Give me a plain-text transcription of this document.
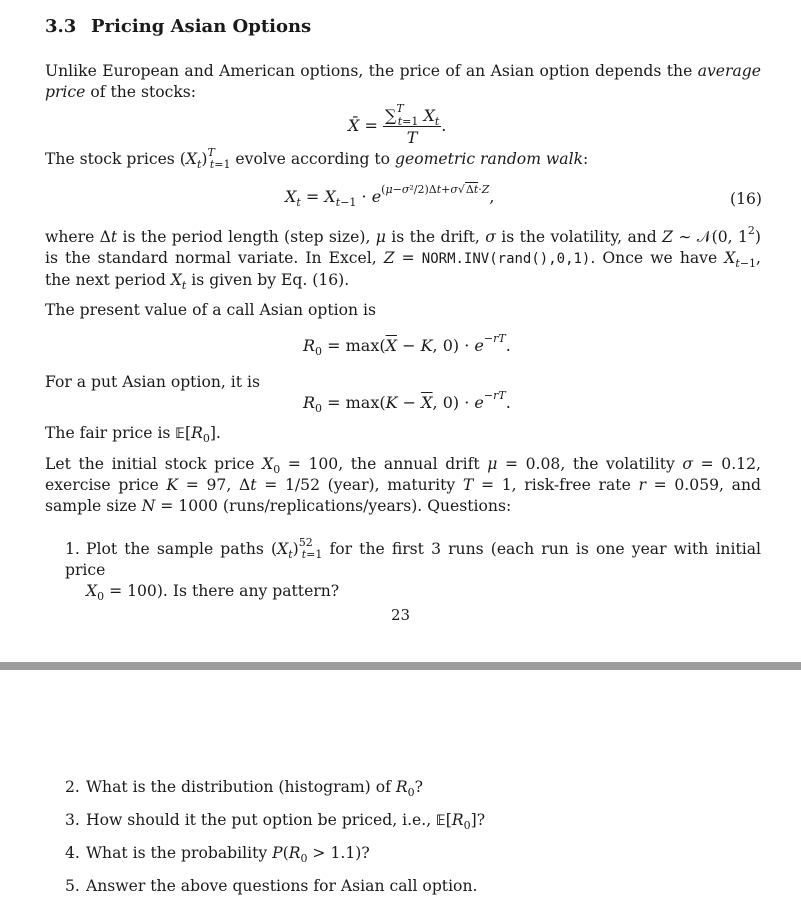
3.3 Pricing Asian Options
Unlike European and American options, the price of an Asian option depends the average price of the stocks:
X̄ = $\frac{\sum^T_{t=1} X_t}{T}$ .
The stock prices $(X_t)^T_{t=1}$ evolve according to geometric random walk:
$X_t = X_{t-1} \cdot e^{(\mu-\sigma^2/2)\Delta t+\sigma√\Delta t\cdot Z}$,	(16)
where Δt is the period length (step size), μ is the drift, σ is the volatility, and Z ∼ 𝒩(0, $1^2$) is the standard normal variate. In Excel, Z = NORM.INV(rand(),0,1). Once we have $X_{t-1}$, the next period $X_t$ is given by Eq. (16).
The present value of a call Asian option is
$R_0 = \max(\overline{X} - K$, $0) \cdot e^{-rT}$.
For a put Asian option, it is
$R_0 = \max(K - \overline{X}$, $0) \cdot e^{-rT}$.
The fair price is $𝔼[R_0]$.
Let the initial stock price $X_0 = 100$, the annual drift μ = 0.08, the volatility σ = 0.12, exercise price K = 97, Δt = 1/52 (year), maturity T = 1, risk-free rate r = 0.059, and sample size N = 1000 (runs/replications/years). Questions:
1. Plot the sample paths $(X_t)^{52}_{t=1}$ for the first 3 runs (each run is one year with initial price
$X_0 = 100$). Is there any pattern?
23
2. What is the distribution (histogram) of $R_0$?
3. How should it the put option be priced, i.e., $𝔼[R_0]$?
4. What is the probability $P(R_0 > 1.1)$?
5. Answer the above questions for Asian call option.
